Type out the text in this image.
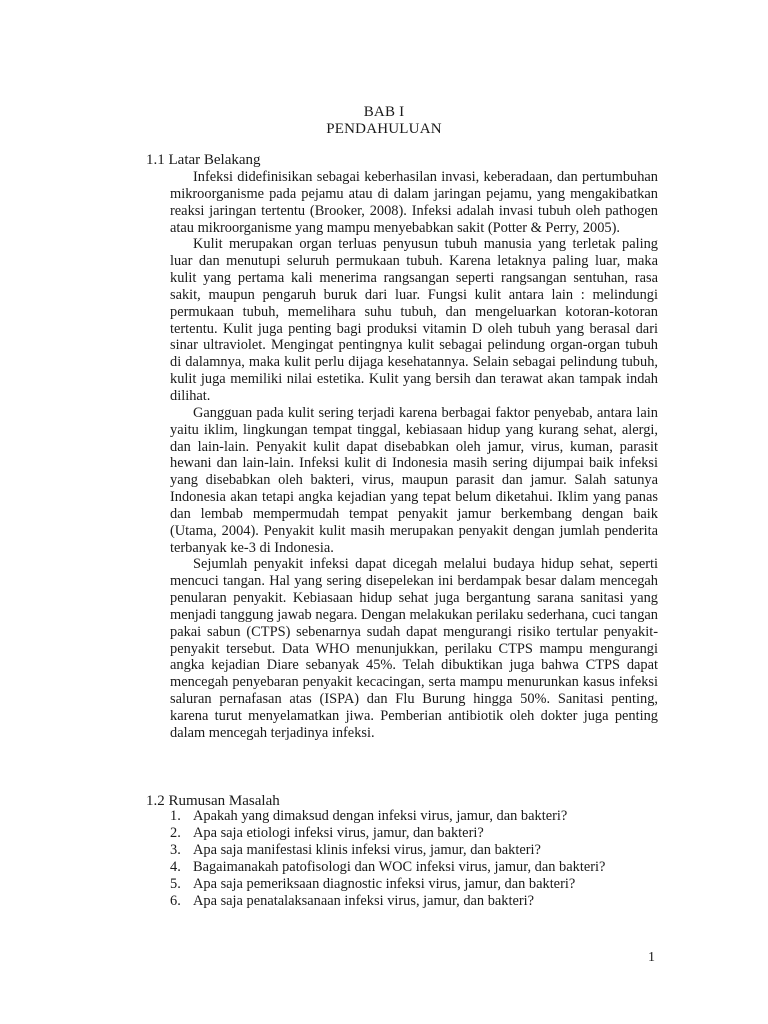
BAB I
PENDAHULUAN
1.1 Latar Belakang

Infeksi didefinisikan sebagai keberhasilan invasi, keberadaan, dan pertumbuhan mikroorganisme pada pejamu atau di dalam jaringan pejamu, yang mengakibatkan reaksi jaringan tertentu (Brooker, 2008). Infeksi adalah invasi tubuh oleh pathogen atau mikroorganisme yang mampu menyebabkan sakit (Potter & Perry, 2005).

Kulit merupakan organ terluas penyusun tubuh manusia yang terletak paling luar dan menutupi seluruh permukaan tubuh. Karena letaknya paling luar, maka kulit yang pertama kali menerima rangsangan seperti rangsangan sentuhan, rasa sakit, maupun pengaruh buruk dari luar. Fungsi kulit antara lain : melindungi permukaan tubuh, memelihara suhu tubuh, dan mengeluarkan kotoran-kotoran tertentu. Kulit juga penting bagi produksi vitamin D oleh tubuh yang berasal dari sinar ultraviolet. Mengingat pentingnya kulit sebagai pelindung organ-organ tubuh di dalamnya, maka kulit perlu dijaga kesehatannya. Selain sebagai pelindung tubuh, kulit juga memiliki nilai estetika. Kulit yang bersih dan terawat akan tampak indah dilihat.

Gangguan pada kulit sering terjadi karena berbagai faktor penyebab, antara lain yaitu iklim, lingkungan tempat tinggal, kebiasaan hidup yang kurang sehat, alergi, dan lain-lain. Penyakit kulit dapat disebabkan oleh jamur, virus, kuman, parasit hewani dan lain-lain. Infeksi kulit di Indonesia masih sering dijumpai baik infeksi yang disebabkan oleh bakteri, virus, maupun parasit dan jamur. Salah satunya Indonesia akan tetapi angka kejadian yang tepat belum diketahui. Iklim yang panas dan lembab mempermudah tempat penyakit jamur berkembang dengan baik (Utama, 2004). Penyakit kulit masih merupakan penyakit dengan jumlah penderita terbanyak ke-3 di Indonesia.

Sejumlah penyakit infeksi dapat dicegah melalui budaya hidup sehat, seperti mencuci tangan. Hal yang sering disepelekan ini berdampak besar dalam mencegah penularan penyakit. Kebiasaan hidup sehat juga bergantung sarana sanitasi yang menjadi tanggung jawab negara. Dengan melakukan perilaku sederhana, cuci tangan pakai sabun (CTPS) sebenarnya sudah dapat mengurangi risiko tertular penyakit-penyakit tersebut. Data WHO menunjukkan, perilaku CTPS mampu mengurangi angka kejadian Diare sebanyak 45%. Telah dibuktikan juga bahwa CTPS dapat mencegah penyebaran penyakit kecacingan, serta mampu menurunkan kasus infeksi saluran pernafasan atas (ISPA) dan Flu Burung hingga 50%. Sanitasi penting, karena turut menyelamatkan jiwa. Pemberian antibiotik oleh dokter juga penting dalam mencegah terjadinya infeksi.

1.2 Rumusan Masalah
1. Apakah yang dimaksud dengan infeksi virus, jamur, dan bakteri?
2. Apa saja etiologi infeksi virus, jamur, dan bakteri?
3. Apa saja manifestasi klinis infeksi virus, jamur, dan bakteri?
4. Bagaimanakah patofisologi dan WOC infeksi virus, jamur, dan bakteri?
5. Apa saja pemeriksaan diagnostic infeksi virus, jamur, dan bakteri?
6. Apa saja penatalaksanaan infeksi virus, jamur, dan bakteri?
1
